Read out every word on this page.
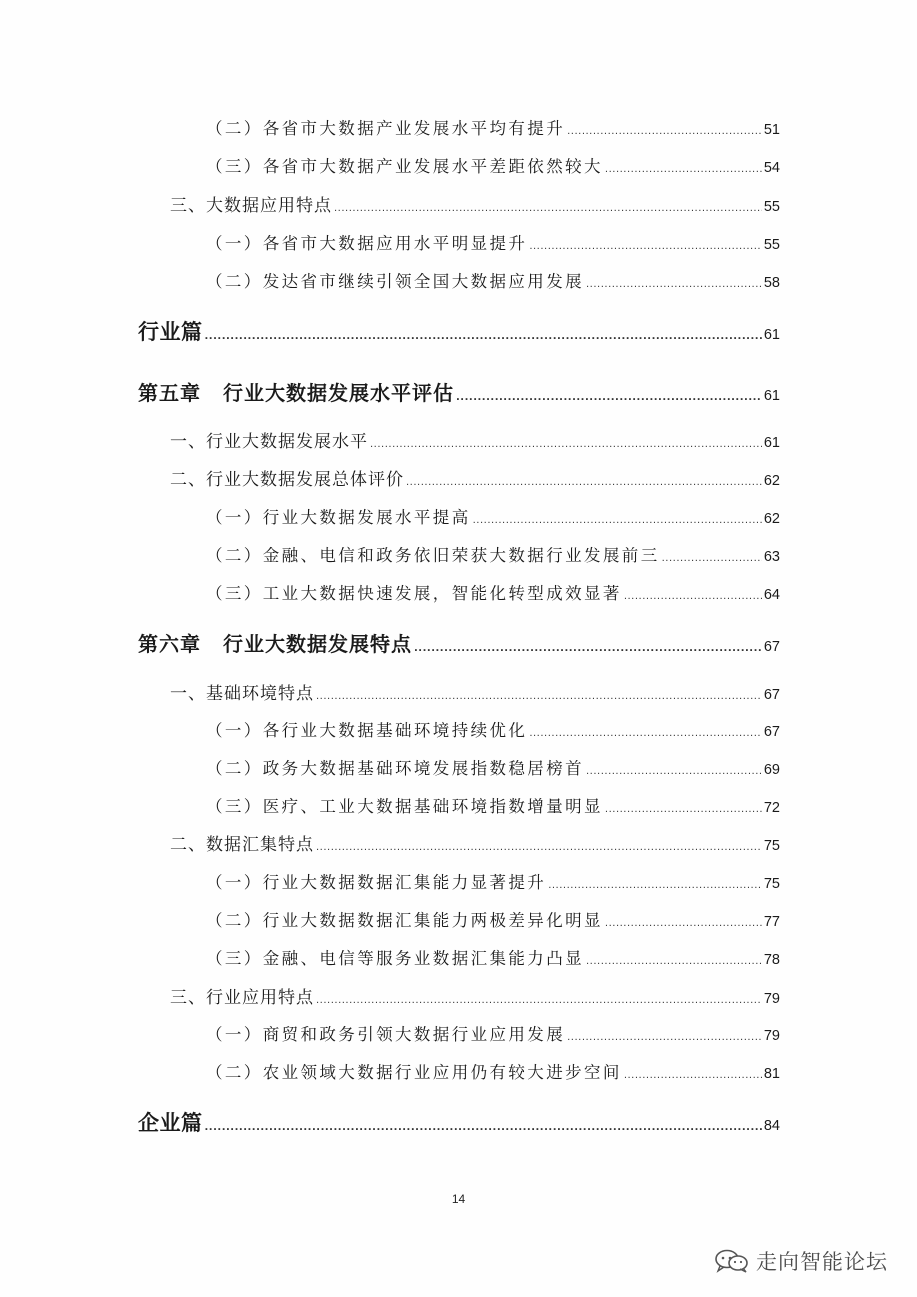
（二）各省市大数据产业发展水平均有提升 .....	51
（三）各省市大数据产业发展水平差距依然较大 .....	54
三、大数据应用特点 .....	55
（一）各省市大数据应用水平明显提升 .....	55
（二）发达省市继续引领全国大数据应用发展 .....	58
行业篇 .....	61
第五章 行业大数据发展水平评估 .....	61
一、行业大数据发展水平 .....	61
二、行业大数据发展总体评价 .....	62
（一）行业大数据发展水平提高 .....	62
（二）金融、电信和政务依旧荣获大数据行业发展前三 .....	63
（三）工业大数据快速发展，智能化转型成效显著 .....	64
第六章 行业大数据发展特点 .....	67
一、基础环境特点 .....	67
（一）各行业大数据基础环境持续优化 .....	67
（二）政务大数据基础环境发展指数稳居榜首 .....	69
（三）医疗、工业大数据基础环境指数增量明显 .....	72
二、数据汇集特点 .....	75
（一）行业大数据数据汇集能力显著提升 .....	75
（二）行业大数据数据汇集能力两极差异化明显 .....	77
（三）金融、电信等服务业数据汇集能力凸显 .....	78
三、行业应用特点 .....	79
（一）商贸和政务引领大数据行业应用发展 .....	79
（二）农业领域大数据行业应用仍有较大进步空间 .....	81
企业篇 .....	84
14
走向智能论坛
